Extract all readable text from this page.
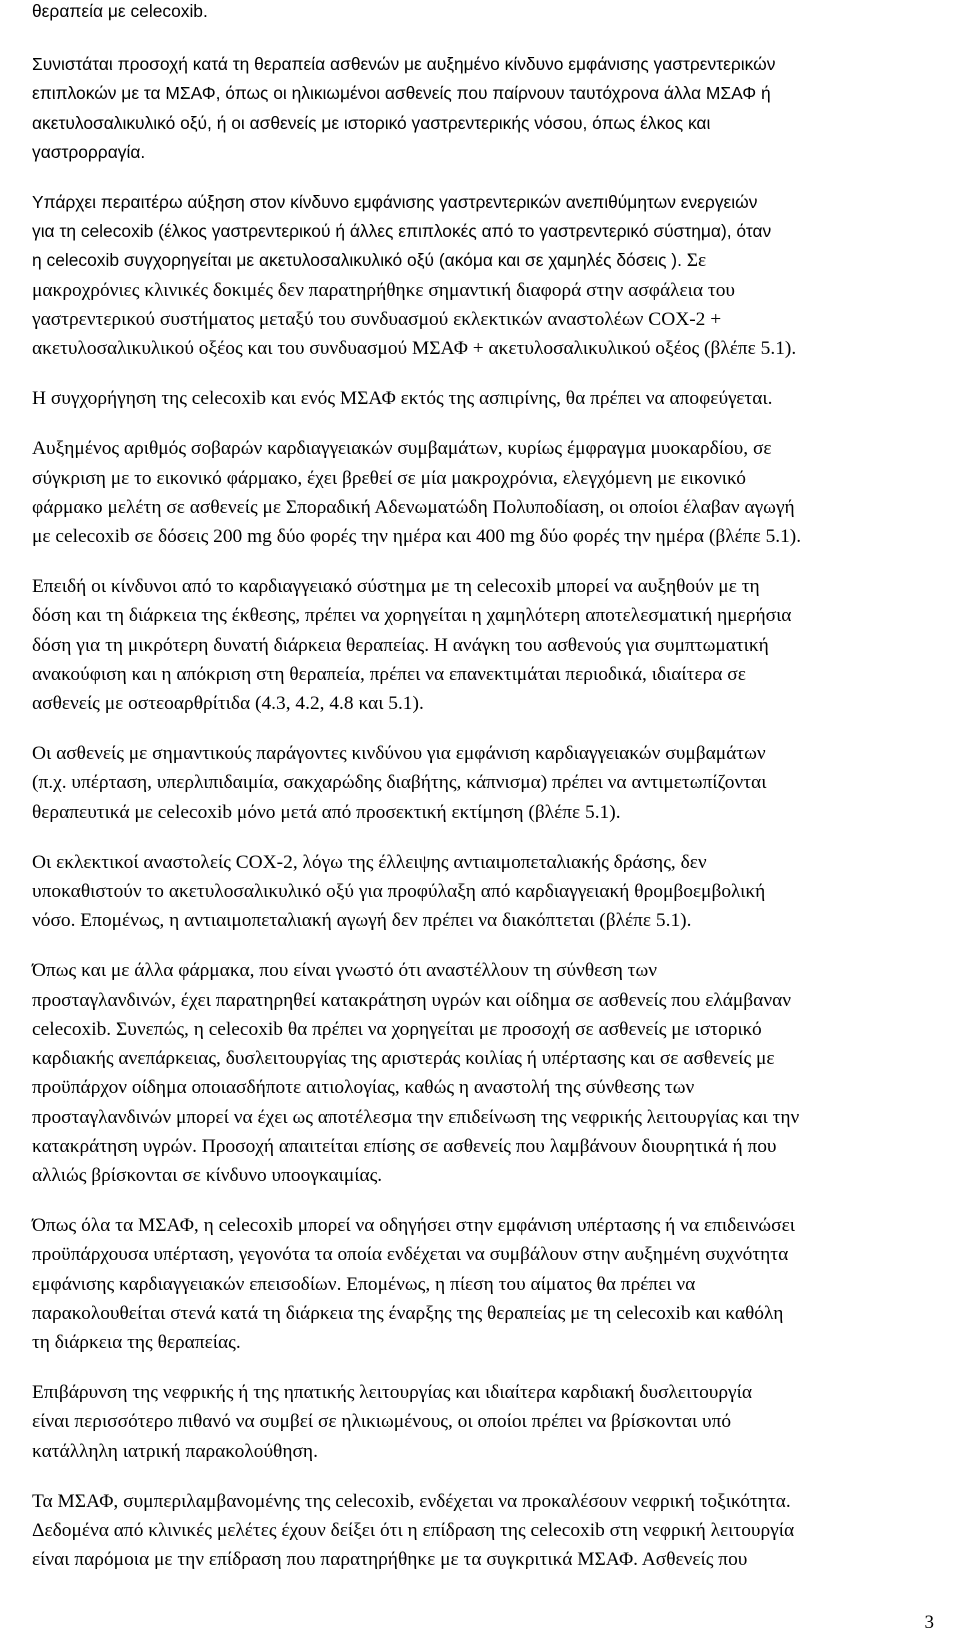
θεραπεία με celecoxib.

Συνιστάται προσοχή κατά τη θεραπεία ασθενών με αυξημένο κίνδυνο εμφάνισης γαστρεντερικών
επιπλοκών με τα ΜΣΑΦ, όπως οι ηλικιωμένοι ασθενείς που παίρνουν ταυτόχρονα άλλα ΜΣΑΦ ή
ακετυλοσαλικυλικό οξύ, ή οι ασθενείς με ιστορικό γαστρεντερικής νόσου, όπως έλκος και
γαστρορραγία.

Υπάρχει περαιτέρω αύξηση στον κίνδυνο εμφάνισης γαστρεντερικών ανεπιθύμητων ενεργειών
για τη celecoxib (έλκος γαστρεντερικού ή άλλες επιπλοκές από το γαστρεντερικό σύστημα), όταν
η celecoxib συγχορηγείται με ακετυλοσαλικυλικό οξύ (ακόμα και σε χαμηλές δόσεις ). Σε
μακροχρόνιες κλινικές δοκιμές δεν παρατηρήθηκε σημαντική διαφορά στην ασφάλεια του
γαστρεντερικού συστήματος μεταξύ του συνδυασμού εκλεκτικών αναστολέων COX-2 +
ακετυλοσαλικυλικού οξέος και του συνδυασμού ΜΣΑΦ + ακετυλοσαλικυλικού οξέος (βλέπε 5.1).

Η συγχορήγηση της celecoxib και ενός ΜΣΑΦ εκτός της ασπιρίνης, θα πρέπει να αποφεύγεται.

Αυξημένος αριθμός σοβαρών καρδιαγγειακών συμβαμάτων, κυρίως έμφραγμα μυοκαρδίου, σε
σύγκριση με το εικονικό φάρμακο, έχει βρεθεί σε μία μακροχρόνια, ελεγχόμενη με εικονικό
φάρμακο μελέτη σε ασθενείς με Σποραδική Αδενωματώδη Πολυποδίαση, οι οποίοι έλαβαν αγωγή
με celecoxib σε δόσεις 200 mg δύο φορές την ημέρα και 400 mg δύο φορές την ημέρα (βλέπε 5.1).

Επειδή οι κίνδυνοι από το καρδιαγγειακό σύστημα με τη celecoxib μπορεί να αυξηθούν με τη
δόση και τη διάρκεια της έκθεσης, πρέπει να χορηγείται η χαμηλότερη αποτελεσματική ημερήσια
δόση για τη μικρότερη δυνατή διάρκεια θεραπείας. Η ανάγκη του ασθενούς για συμπτωματική
ανακούφιση και η απόκριση στη θεραπεία, πρέπει να επανεκτιμάται περιοδικά, ιδιαίτερα σε
ασθενείς με οστεοαρθρίτιδα (4.3, 4.2, 4.8 και 5.1).

Οι ασθενείς με σημαντικούς παράγοντες κινδύνου για εμφάνιση καρδιαγγειακών συμβαμάτων
(π.χ. υπέρταση, υπερλιπιδαιμία, σακχαρώδης διαβήτης, κάπνισμα) πρέπει να αντιμετωπίζονται
θεραπευτικά με celecoxib μόνο μετά από προσεκτική εκτίμηση (βλέπε 5.1).

Οι εκλεκτικοί αναστολείς COX-2, λόγω της έλλειψης αντιαιμοπεταλιακής δράσης, δεν
υποκαθιστούν το ακετυλοσαλικυλικό οξύ για προφύλαξη από καρδιαγγειακή θρομβοεμβολική
νόσο. Επομένως, η αντιαιμοπεταλιακή αγωγή δεν πρέπει να διακόπτεται (βλέπε 5.1).

Όπως και με άλλα φάρμακα, που είναι γνωστό ότι αναστέλλουν τη σύνθεση των
προσταγλανδινών, έχει παρατηρηθεί κατακράτηση υγρών και οίδημα σε ασθενείς που ελάμβαναν
celecoxib. Συνεπώς, η celecoxib θα πρέπει να χορηγείται με προσοχή σε ασθενείς με ιστορικό
καρδιακής ανεπάρκειας, δυσλειτουργίας της αριστεράς κοιλίας ή υπέρτασης και σε ασθενείς με
προϋπάρχον οίδημα οποιασδήποτε αιτιολογίας, καθώς η αναστολή της σύνθεσης των
προσταγλανδινών μπορεί να έχει ως αποτέλεσμα την επιδείνωση της νεφρικής λειτουργίας και την
κατακράτηση υγρών. Προσοχή απαιτείται επίσης σε ασθενείς που λαμβάνουν διουρητικά ή που
αλλιώς βρίσκονται σε κίνδυνο υποογκαιμίας.

Όπως όλα τα ΜΣΑΦ, η celecoxib μπορεί να οδηγήσει στην εμφάνιση υπέρτασης ή να επιδεινώσει
προϋπάρχουσα υπέρταση, γεγονότα τα οποία ενδέχεται να συμβάλουν στην αυξημένη συχνότητα
εμφάνισης καρδιαγγειακών επεισοδίων. Επομένως, η πίεση του αίματος θα πρέπει να
παρακολουθείται στενά κατά τη διάρκεια της έναρξης της θεραπείας με τη celecoxib και καθόλη
τη διάρκεια της θεραπείας.

Επιβάρυνση της νεφρικής ή της ηπατικής λειτουργίας και ιδιαίτερα καρδιακή δυσλειτουργία
είναι περισσότερο πιθανό να συμβεί σε ηλικιωμένους, οι οποίοι πρέπει να βρίσκονται υπό
κατάλληλη ιατρική παρακολούθηση.

Τα ΜΣΑΦ, συμπεριλαμβανομένης της celecoxib, ενδέχεται να προκαλέσουν νεφρική τοξικότητα.
Δεδομένα από κλινικές μελέτες έχουν δείξει ότι η επίδραση της celecoxib στη νεφρική λειτουργία
είναι παρόμοια με την επίδραση που παρατηρήθηκε με τα συγκριτικά ΜΣΑΦ. Ασθενείς που

3
